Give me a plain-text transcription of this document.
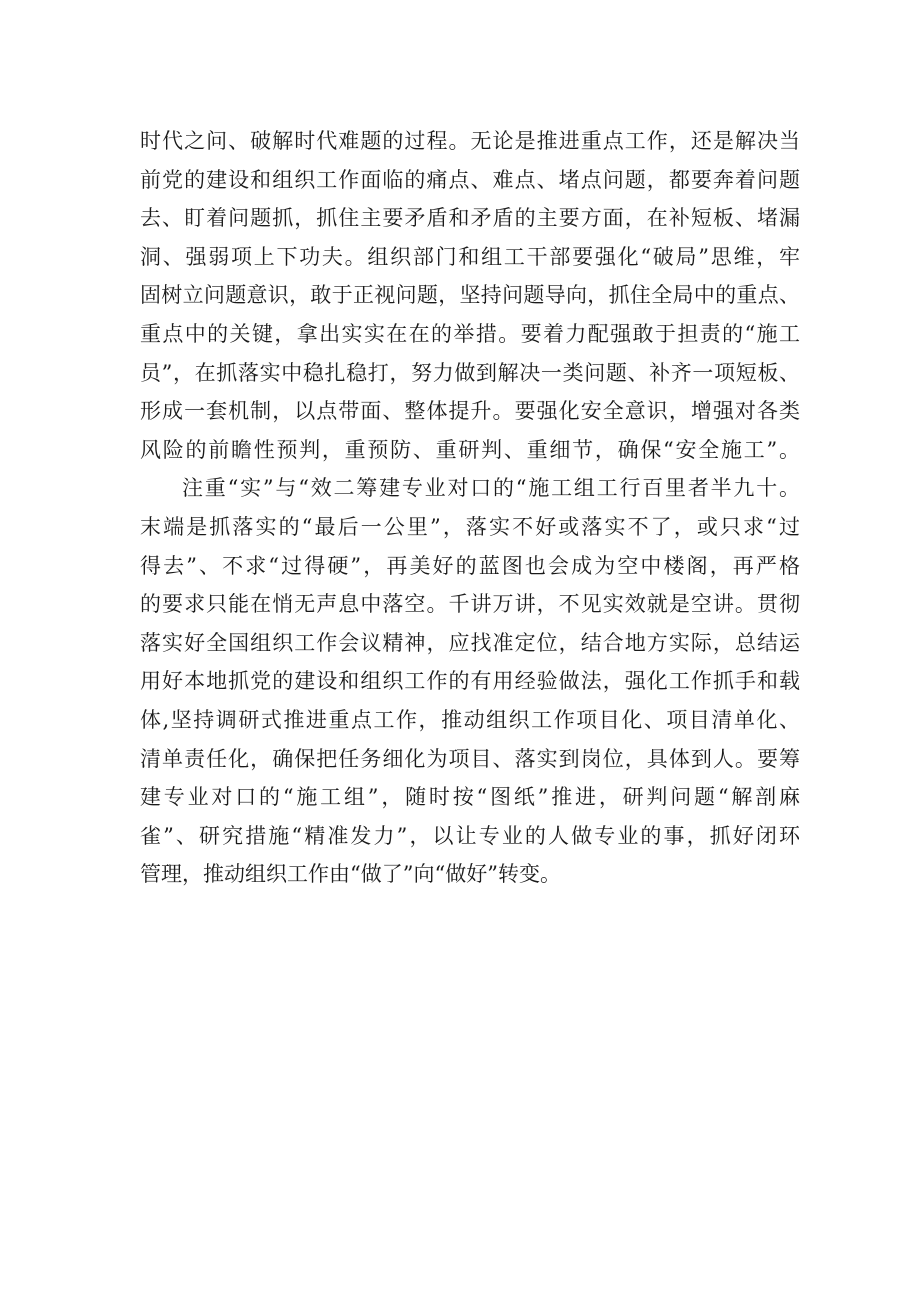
时代之问、破解时代难题的过程。无论是推进重点工作，还是解决当
前党的建设和组织工作面临的痛点、难点、堵点问题，都要奔着问题
去、盯着问题抓，抓住主要矛盾和矛盾的主要方面，在补短板、堵漏
洞、强弱项上下功夫。组织部门和组工干部要强化“破局”思维，牢
固树立问题意识，敢于正视问题，坚持问题导向，抓住全局中的重点、
重点中的关键，拿出实实在在的举措。要着力配强敢于担责的“施工
员”，在抓落实中稳扎稳打，努力做到解决一类问题、补齐一项短板、
形成一套机制，以点带面、整体提升。要强化安全意识，增强对各类
风险的前瞻性预判，重预防、重研判、重细节，确保“安全施工”。
注重“实”与“效二筹建专业对口的“施工组工行百里者半九十。
末端是抓落实的“最后一公里”，落实不好或落实不了，或只求“过
得去”、不求“过得硬”，再美好的蓝图也会成为空中楼阁，再严格
的要求只能在悄无声息中落空。千讲万讲，不见实效就是空讲。贯彻
落实好全国组织工作会议精神，应找准定位，结合地方实际，总结运
用好本地抓党的建设和组织工作的有用经验做法，强化工作抓手和载
体,坚持调研式推进重点工作，推动组织工作项目化、项目清单化、
清单责任化，确保把任务细化为项目、落实到岗位，具体到人。要筹
建专业对口的“施工组”，随时按“图纸”推进，研判问题“解剖麻
雀”、研究措施“精准发力”，以让专业的人做专业的事，抓好闭环
管理，推动组织工作由“做了”向“做好”转变。
